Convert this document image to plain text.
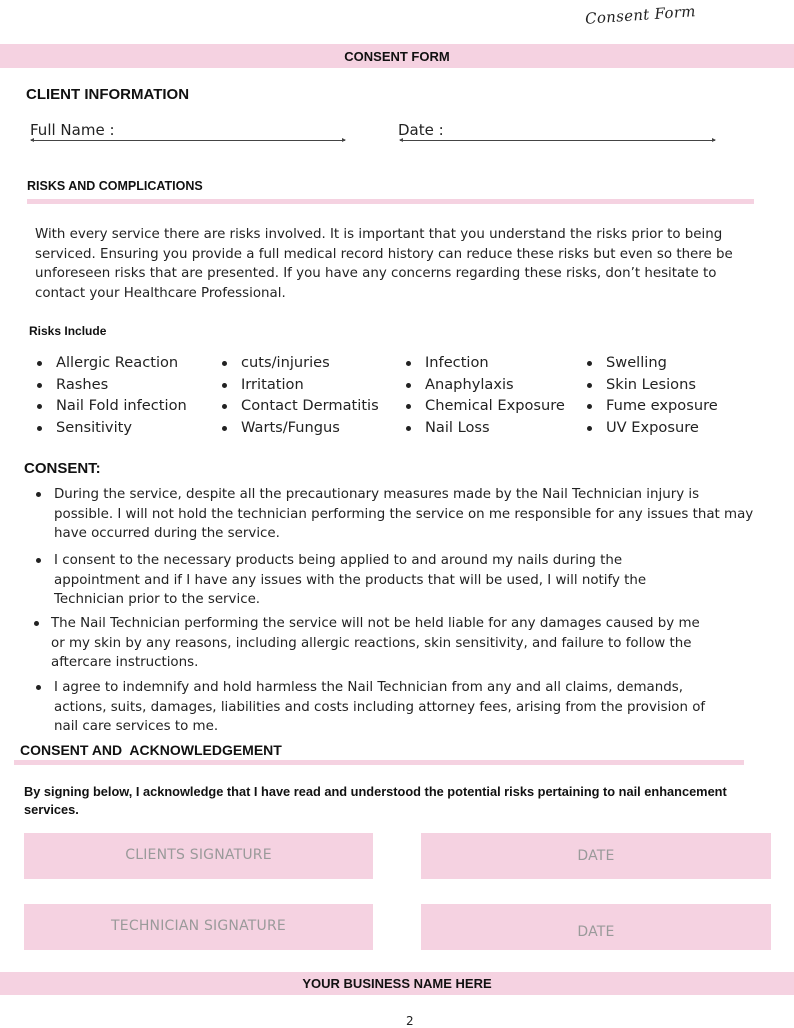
Consent Form
CONSENT FORM
CLIENT INFORMATION
Full Name :	Date :
RISKS AND COMPLICATIONS
With every service there are risks involved. It is important that you understand the risks prior to being
serviced. Ensuring you provide a full medical record history can reduce these risks but even so there be
unforeseen risks that are presented. If you have any concerns regarding these risks, don’t hesitate to
contact your Healthcare Professional.
Risks Include
Allergic Reaction
Rashes
Nail Fold infection
Sensitivity
cuts/injuries
Irritation
Contact Dermatitis
Warts/Fungus
Infection
Anaphylaxis
Chemical Exposure
Nail Loss
Swelling
Skin Lesions
Fume exposure
UV Exposure
CONSENT:
During the service, despite all the precautionary measures made by the Nail Technician injury is
possible. I will not hold the technician performing the service on me responsible for any issues that may
have occurred during the service.
I consent to the necessary products being applied to and around my nails during the
appointment and if I have any issues with the products that will be used, I will notify the
Technician prior to the service.
The Nail Technician performing the service will not be held liable for any damages caused by me
or my skin by any reasons, including allergic reactions, skin sensitivity, and failure to follow the
aftercare instructions.
I agree to indemnify and hold harmless the Nail Technician from any and all claims, demands,
actions, suits, damages, liabilities and costs including attorney fees, arising from the provision of
nail care services to me.
CONSENT AND  ACKNOWLEDGEMENT
By signing below, I acknowledge that I have read and understood the potential risks pertaining to nail enhancement
services.
CLIENTS SIGNATURE	DATE
TECHNICIAN SIGNATURE	DATE
YOUR BUSINESS NAME HERE
2
